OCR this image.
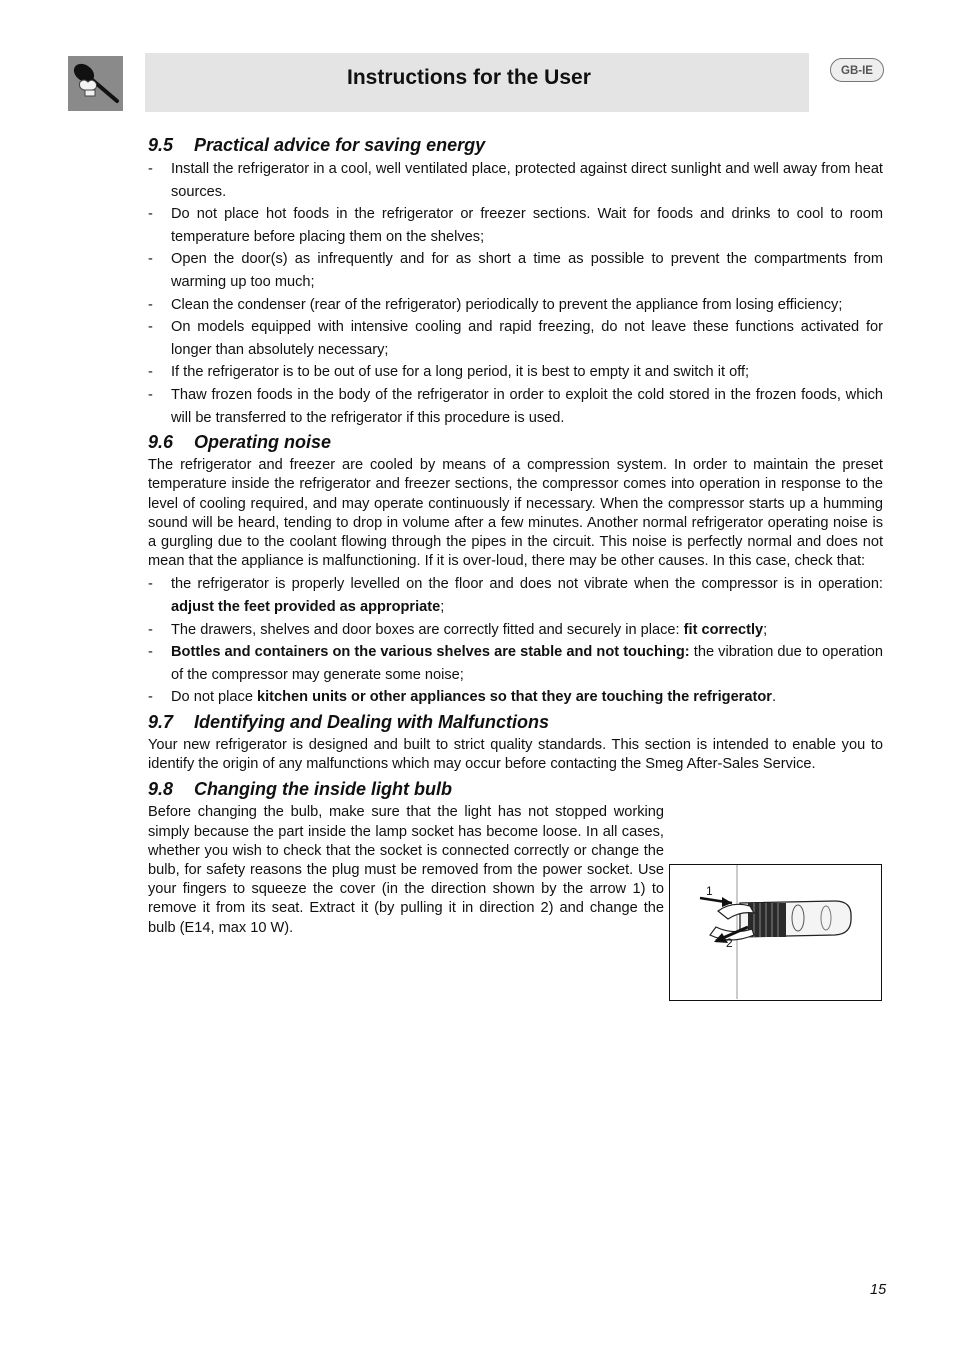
Instructions for the User	GB-IE
9.5 Practical advice for saving energy
- Install the refrigerator in a cool, well ventilated place, protected against direct sunlight and well away from heat sources.
- Do not place hot foods in the refrigerator or freezer sections. Wait for foods and drinks to cool to room temperature before placing them on the shelves;
- Open the door(s) as infrequently and for as short a time as possible to prevent the compartments from warming up too much;
- Clean the condenser (rear of the refrigerator) periodically to prevent the appliance from losing efficiency;
- On models equipped with intensive cooling and rapid freezing, do not leave these functions activated for longer than absolutely necessary;
- If the refrigerator is to be out of use for a long period, it is best to empty it and switch it off;
- Thaw frozen foods in the body of the refrigerator in order to exploit the cold stored in the frozen foods, which will be transferred to the refrigerator if this procedure is used.
9.6 Operating noise

The refrigerator and freezer are cooled by means of a compression system. In order to maintain the preset temperature inside the refrigerator and freezer sections, the compressor comes into operation in response to the level of cooling required, and may operate continuously if necessary. When the compressor starts up a humming sound will be heard, tending to drop in volume after a few minutes. Another normal refrigerator operating noise is a gurgling due to the coolant flowing through the pipes in the circuit. This noise is perfectly normal and does not mean that the appliance is malfunctioning. If it is over-loud, there may be other causes. In this case, check that:

- the refrigerator is properly levelled on the floor and does not vibrate when the compressor is in operation: adjust the feet provided as appropriate;
- The drawers, shelves and door boxes are correctly fitted and securely in place: fit correctly;
- Bottles and containers on the various shelves are stable and not touching: the vibration due to operation of the compressor may generate some noise;
- Do not place kitchen units or other appliances so that they are touching the refrigerator.
9.7 Identifying and Dealing with Malfunctions

Your new refrigerator is designed and built to strict quality standards. This section is intended to enable you to identify the origin of any malfunctions which may occur before contacting the Smeg After-Sales Service.

9.8 Changing the inside light bulb

Before changing the bulb, make sure that the light has not stopped working simply because the part inside the lamp socket has become loose. In all cases, whether you wish to check that the socket is connected correctly or change the bulb, for safety reasons the plug must be removed from the power socket. Use your fingers to squeeze the cover (in the direction shown by the arrow 1) to remove it from its seat. Extract it (by pulling it in direction 2) and change the bulb (E14, max 10 W).

1
2
15
